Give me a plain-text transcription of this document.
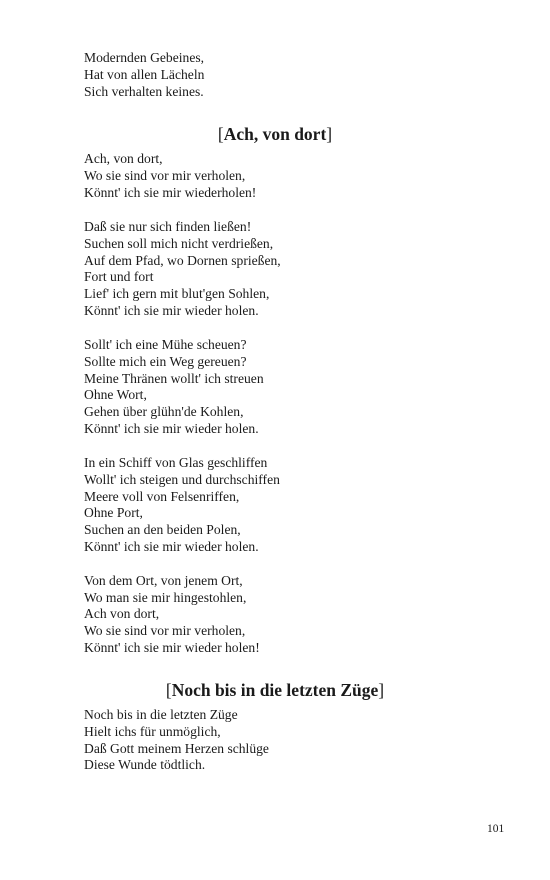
Modernden Gebeines,
Hat von allen Lächeln
Sich verhalten keines.
[Ach, von dort]
Ach, von dort,
Wo sie sind vor mir verholen,
Könnt' ich sie mir wiederholen!
Daß sie nur sich finden ließen!
Suchen soll mich nicht verdrießen,
Auf dem Pfad, wo Dornen sprießen,
Fort und fort
Lief' ich gern mit blut'gen Sohlen,
Könnt' ich sie mir wieder holen.
Sollt' ich eine Mühe scheuen?
Sollte mich ein Weg gereuen?
Meine Thränen wollt' ich streuen
Ohne Wort,
Gehen über glühn'de Kohlen,
Könnt' ich sie mir wieder holen.
In ein Schiff von Glas geschliffen
Wollt' ich steigen und durchschiffen
Meere voll von Felsenriffen,
Ohne Port,
Suchen an den beiden Polen,
Könnt' ich sie mir wieder holen.
Von dem Ort, von jenem Ort,
Wo man sie mir hingestohlen,
Ach von dort,
Wo sie sind vor mir verholen,
Könnt' ich sie mir wieder holen!
[Noch bis in die letzten Züge]
Noch bis in die letzten Züge
Hielt ichs für unmöglich,
Daß Gott meinem Herzen schlüge
Diese Wunde tödtlich.
101
